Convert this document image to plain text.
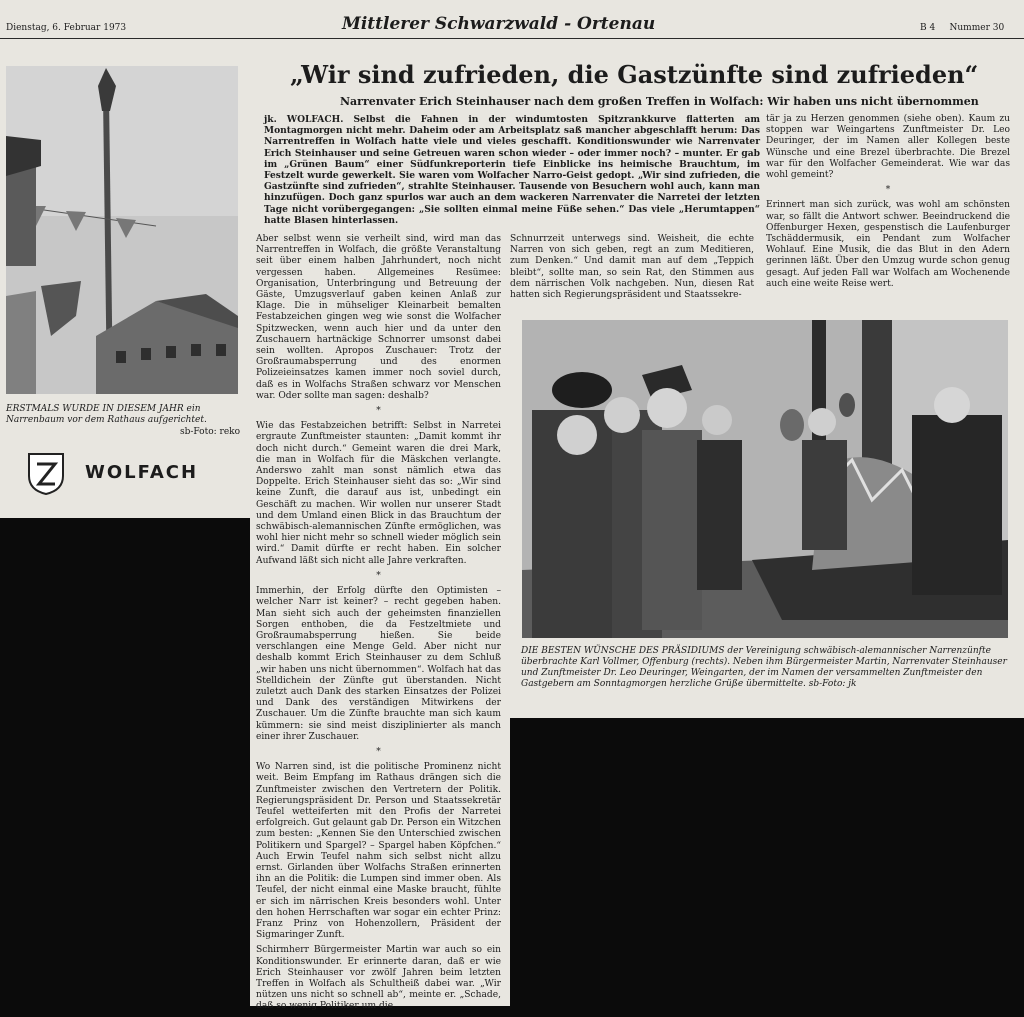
Dienstag, 6. Februar 1973	Mittlerer Schwarzwald - Ortenau	B 4     Nummer 30
„Wir sind zufrieden, die Gastzünfte sind zufrieden“
Narrenvater Erich Steinhauser nach dem großen Treffen in Wolfach: Wir haben uns nicht übernommen
ERSTMALS WURDE IN DIESEM JAHR ein Narrenbaum vor dem Rathaus aufgerichtet.
sb-Foto: reko
WOLFACH
jk. WOLFACH. Selbst die Fahnen in der windumtosten Spitzrankkurve flatterten am Montagmorgen nicht mehr. Daheim oder am Arbeitsplatz saß mancher abgeschlafft herum: Das Narrentreffen in Wolfach hatte viele und vieles geschafft. Konditionswunder wie Narrenvater Erich Steinhauser und seine Getreuen waren schon wieder – oder immer noch? – munter. Er gab im „Grünen Baum“ einer Südfunkreporterin tiefe Einblicke ins heimische Brauchtum, im Festzelt wurde gewerkelt. Sie waren vom Wolfacher Narro-Geist gedopt. „Wir sind zufrieden, die Gastzünfte sind zufrieden“, strahlte Steinhauser. Tausende von Besuchern wohl auch, kann man hinzufügen. Doch ganz spurlos war auch an dem wackeren Narrenvater die Narretei der letzten Tage nicht vorübergegangen: „Sie sollten einmal meine Füße sehen.“ Das viele „Herumtappen“ hatte Blasen hinterlassen.

Aber selbst wenn sie verheilt sind, wird man das Narrentreffen in Wolfach, die größte Veranstaltung seit über einem halben Jahrhundert, noch nicht vergessen haben. Allgemeines Resümee: Organisation, Unterbringung und Betreuung der Gäste, Umzugsverlauf gaben keinen Anlaß zur Klage. Die in mühseliger Kleinarbeit bemalten Festabzeichen gingen weg wie sonst die Wolfacher Spitzwecken, wenn auch hier und da unter den Zuschauern hartnäckige Schnorrer umsonst dabei sein wollten. Apropos Zuschauer: Trotz der Großraumabsperrung und des enormen Polizeieinsatzes kamen immer noch soviel durch, daß es in Wolfachs Straßen schwarz vor Menschen war. Oder sollte man sagen: deshalb?

*

Wie das Festabzeichen betrifft: Selbst in Narretei ergraute Zunftmeister staunten: „Damit kommt ihr doch nicht durch.“ Gemeint waren die drei Mark, die man in Wolfach für die Mäskchen verlangte. Anderswo zahlt man sonst nämlich etwa das Doppelte. Erich Steinhauser sieht das so: „Wir sind keine Zunft, die darauf aus ist, unbedingt ein Geschäft zu machen. Wir wollen nur unserer Stadt und dem Umland einen Blick in das Brauchtum der schwäbisch-alemannischen Zünfte ermöglichen, was wohl hier nicht mehr so schnell wieder möglich sein wird.“ Damit dürfte er recht haben. Ein solcher Aufwand läßt sich nicht alle Jahre verkraften.

*

Immerhin, der Erfolg dürfte den Optimisten – welcher Narr ist keiner? – recht gegeben haben. Man sieht sich auch der geheimsten finanziellen Sorgen enthoben, die da Festzeltmiete und Großraumabsperrung hießen. Sie beide verschlangen eine Menge Geld. Aber nicht nur deshalb kommt Erich Steinhauser zu dem Schluß „wir haben uns nicht übernommen“. Wolfach hat das Stelldichein der Zünfte gut überstanden. Nicht zuletzt auch Dank des starken Einsatzes der Polizei und Dank des verständigen Mitwirkens der Zuschauer. Um die Zünfte brauchte man sich kaum kümmern: sie sind meist disziplinierter als manch einer ihrer Zuschauer.

*

Wo Narren sind, ist die politische Prominenz nicht weit. Beim Empfang im Rathaus drängen sich die Zunftmeister zwischen den Vertretern der Politik. Regierungspräsident Dr. Person und Staatssekretär Teufel wetteiferten mit den Profis der Narretei erfolgreich. Gut gelaunt gab Dr. Person ein Witzchen zum besten: „Kennen Sie den Unterschied zwischen Politikern und Spargel? – Spargel haben Köpfchen.“ Auch Erwin Teufel nahm sich selbst nicht allzu ernst. Girlanden über Wolfachs Straßen erinnerten ihn an die Politik: die Lumpen sind immer oben. Als Teufel, der nicht einmal eine Maske braucht, fühlte er sich im närrischen Kreis besonders wohl. Unter den hohen Herrschaften war sogar ein echter Prinz: Franz Prinz von Hohenzollern, Präsident der Sigmaringer Zunft.

Schirmherr Bürgermeister Martin war auch so ein Konditionswunder. Er erinnerte daran, daß er wie Erich Steinhauser vor zwölf Jahren beim letzten Treffen in Wolfach als Schultheiß dabei war. „Wir nützen uns nicht so schnell ab“, meinte er. „Schade, daß so wenig Politiker um die

Schnurrzeit unterwegs sind. Weisheit, die echte Narren von sich geben, regt an zum Meditieren, zum Denken.“ Und damit man auf dem „Teppich bleibt“, sollte man, so sein Rat, den Stimmen aus dem närrischen Volk nachgeben. Nun, diesen Rat hatten sich Regierungspräsident und Staatssekre-

tär ja zu Herzen genommen (siehe oben). Kaum zu stoppen war Weingartens Zunftmeister Dr. Leo Deuringer, der im Namen aller Kollegen beste Wünsche und eine Brezel überbrachte. Die Brezel war für den Wolfacher Gemeinderat. Wie war das wohl gemeint?

*

Erinnert man sich zurück, was wohl am schönsten war, so fällt die Antwort schwer. Beeindruckend die Offenburger Hexen, gespenstisch die Laufenburger Tschäddermusik, ein Pendant zum Wolfacher Wohlauf. Eine Musik, die das Blut in den Adern gerinnen läßt. Über den Umzug wurde schon genug gesagt. Auf jeden Fall war Wolfach am Wochenende auch eine weite Reise wert.

DIE BESTEN WÜNSCHE DES PRÄSIDIUMS der Vereinigung schwäbisch-alemannischer Narrenzünfte überbrachte Karl Vollmer, Offenburg (rechts). Neben ihm Bürgermeister Martin, Narrenvater Steinhauser und Zunftmeister Dr. Leo Deuringer, Weingarten, der im Namen der versammelten Zunftmeister den Gastgebern am Sonntagmorgen herzliche Grüße übermittelte. sb-Foto: jk
